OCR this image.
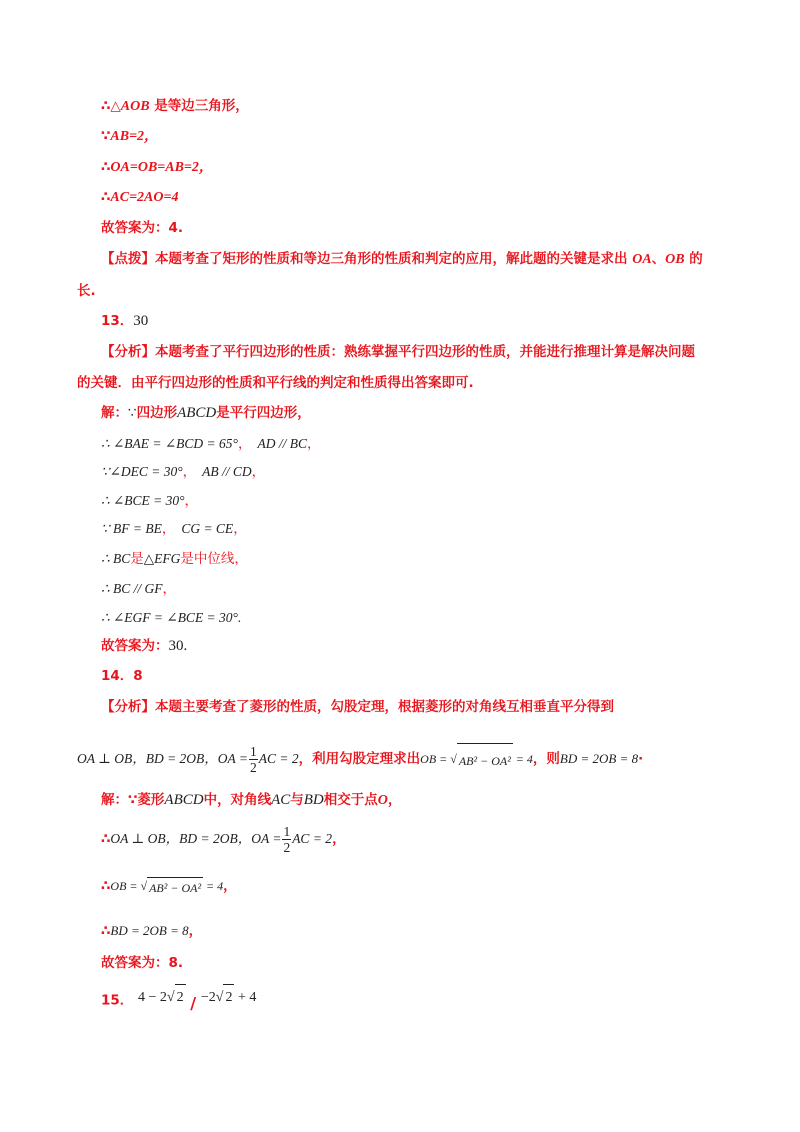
∴△AOB 是等边三角形，
∵AB=2，
∴OA=OB=AB=2，
∴AC=2AO=4
故答案为：4.
【点拨】本题考查了矩形的性质和等边三角形的性质和判定的应用，解此题的关键是求出 OA、OB 的
长.
13．30
【分析】本题考查了平行四边形的性质：熟练掌握平行四边形的性质，并能进行推理计算是解决问题
的关键．由平行四边形的性质和平行线的判定和性质得出答案即可.
解：∵四边形ABCD是平行四边形，
∴ ∠BAE = ∠BCD = 65°， AD // BC，
∵∠DEC = 30°， AB // CD，
∴ ∠BCE = 30°，
∵ BF = BE， CG = CE，
∴ BC是△EFG是中位线，
∴ BC // GF，
∴ ∠EGF = ∠BCE = 30°.
故答案为：30.
14．8
【分析】本题主要考查了菱形的性质，勾股定理，根据菱形的对角线互相垂直平分得到
OA ⊥ OB，BD = 2OB，OA = $\frac{1}{2}$ AC = 2，利用勾股定理求出OB = √ AB² − OA² = 4，则BD = 2OB = 8·
解：∵菱形ABCD中，对角线AC与BD相交于点O，
∴OA ⊥ OB，BD = 2OB，OA = $\frac{1}{2}$ AC = 2，
∴OB = √ AB² − OA² = 4，
∴BD = 2OB = 8，
故答案为：8.
15． 4 − 2√ 2 / −2√ 2 + 4
